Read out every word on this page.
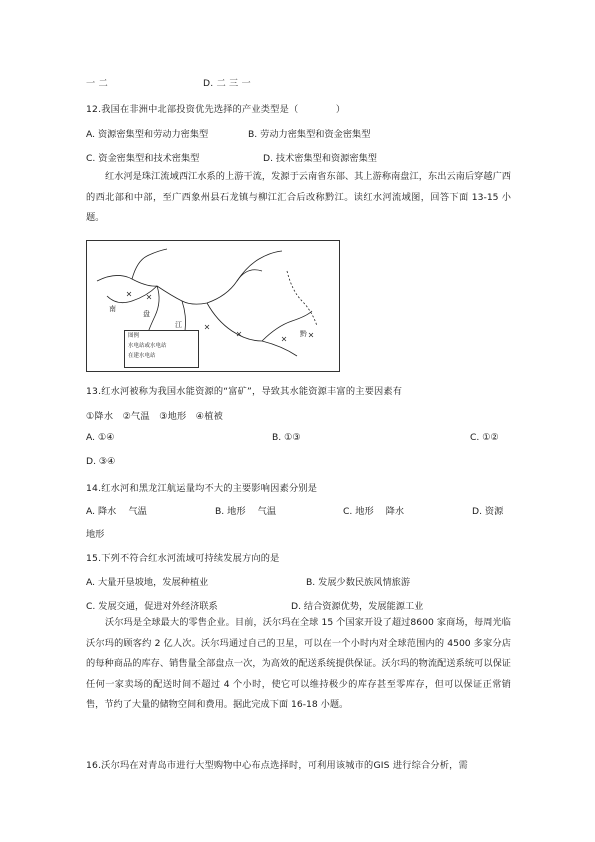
一 二	D. 二 三 一
12.我国在非洲中北部投资优先选择的产业类型是（　　　　）
A. 资源密集型和劳动力密集型	B. 劳动力密集型和资金密集型
C. 资金密集型和技术密集型	D. 技术密集型和资源密集型
红水河是珠江流域西江水系的上游干流，发源于云南省东部、其上游称南盘江，东出云南后穿越广西的西北部和中部，至广西象州县石龙镇与柳江汇合后改称黔江。读红水河流域图，回答下面 13-15 小题。
南
盘
江
黔
图例
水电站或水电站
在建水电站
13.红水河被称为我国水能资源的“富矿”，导致其水能资源丰富的主要因素有
①降水　②气温　③地形　④植被
A. ①④	B. ①③	C. ①②
D. ③④
14.红水河和黑龙江航运量均不大的主要影响因素分别是
A. 降水　 气温	B. 地形　 气温	C. 地形　 降水	D. 资源
地形
15.下列不符合红水河流域可持续发展方向的是
A. 大量开垦坡地，发展种植业	B. 发展少数民族风情旅游
C. 发展交通，促进对外经济联系	D. 结合资源优势，发展能源工业
沃尔玛是全球最大的零售企业。目前，沃尔玛在全球 15 个国家开设了超过8600 家商场，每周光临沃尔玛的顾客约 2 亿人次。沃尔玛通过自己的卫星，可以在一个小时内对全球范围内的 4500 多家分店的每种商品的库存、销售量全部盘点一次，为高效的配送系统提供保证。沃尔玛的物流配送系统可以保证任何一家卖场的配送时间不超过 4 个小时，使它可以维持极少的库存甚至零库存，但可以保证正常销售，节约了大量的储物空间和费用。据此完成下面 16-18 小题。
16.沃尔玛在对青岛市进行大型购物中心布点选择时，可利用该城市的GIS 进行综合分析，需
